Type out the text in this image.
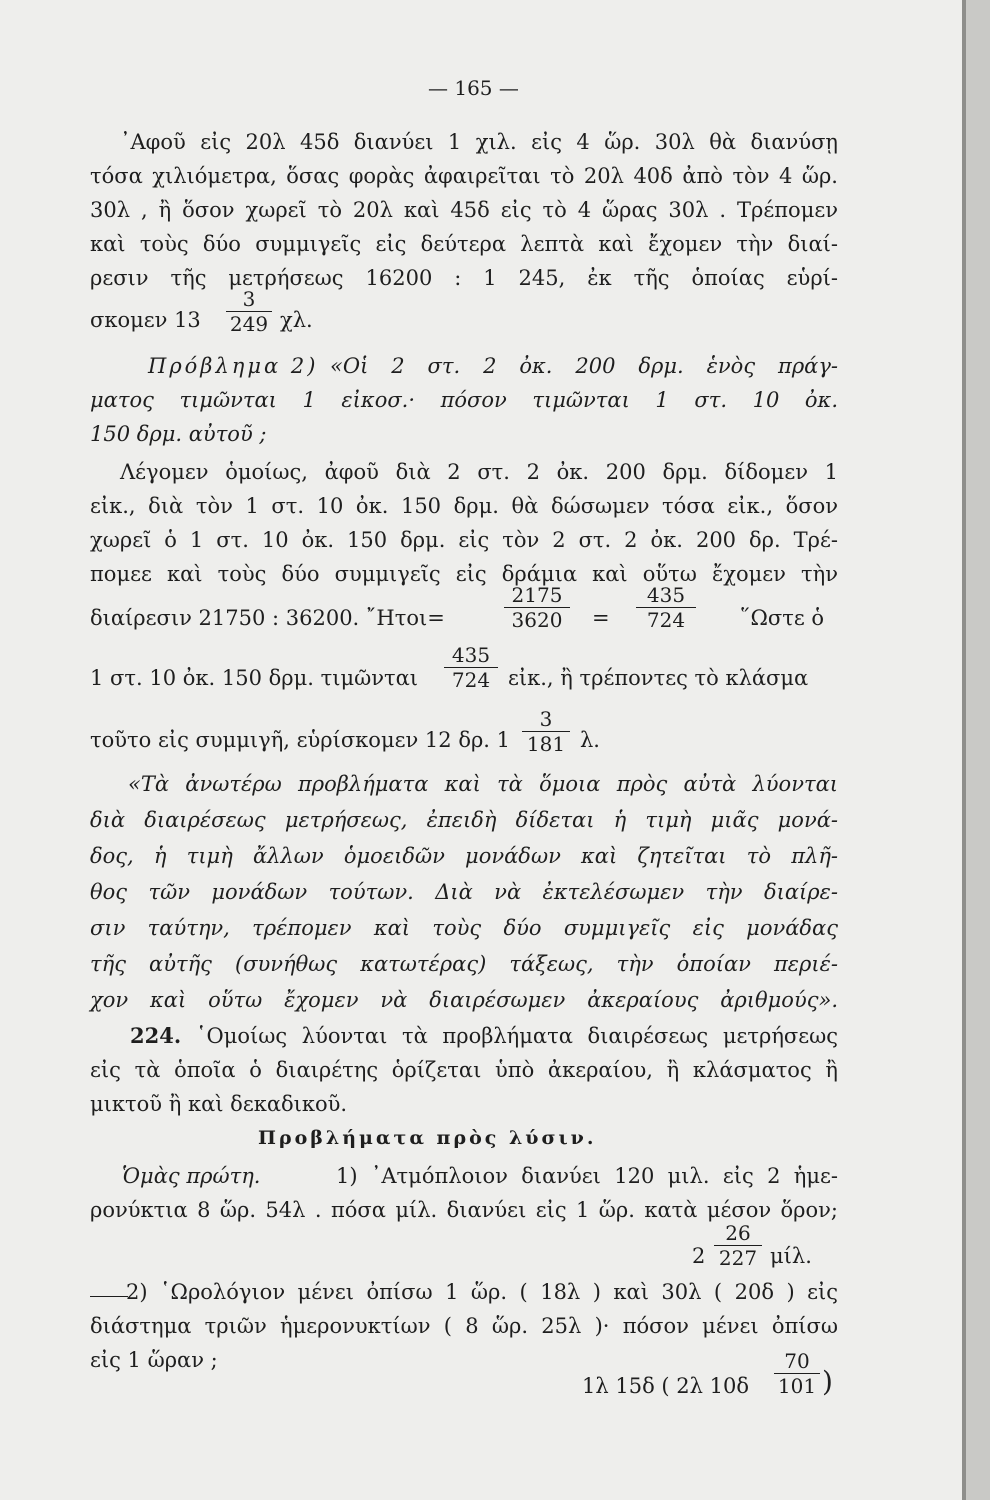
— 165 —
᾿Αφοῦ εἰς 20λ 45δ διανύει 1 χιλ. εἰς 4 ὥρ. 30λ θὰ διανύσῃ
τόσα χιλιόμετρα, ὅσας φορὰς ἀφαιρεῖται τὸ 20λ 40δ ἀπὸ τὸν 4 ὥρ.
30λ , ἢ ὅσον χωρεῖ τὸ 20λ καὶ 45δ εἰς τὸ 4 ὥρας 30λ . Τρέπομεν
καὶ τοὺς δύο συμμιγεῖς εἰς δεύτερα λεπτὰ καὶ ἔχομεν τὴν διαί-
ρεσιν τῆς μετρήσεως 16200 : 1 245, ἐκ τῆς ὁποίας εὑρί-
σκομεν 13
3
249 χλ.
Πρόβλημα 2) «Οἱ 2 στ. 2 ὀκ. 200 δρμ. ἑνὸς πράγ-
ματος τιμῶνται 1 εἰκοσ.· πόσον τιμῶνται 1 στ. 10 ὀκ.
150 δρμ. αὐτοῦ ;
Λέγομεν ὁμοίως, ἀφοῦ διὰ 2 στ. 2 ὀκ. 200 δρμ. δίδομεν 1
εἰκ., διὰ τὸν 1 στ. 10 ὀκ. 150 δρμ. θὰ δώσωμεν τόσα εἰκ., ὅσον
χωρεῖ ὁ 1 στ. 10 ὀκ. 150 δρμ. εἰς τὸν 2 στ. 2 ὀκ. 200 δρ. Τρέ-
πομεε καὶ τοὺς δύο συμμιγεῖς εἰς δράμια καὶ οὕτω ἔχομεν τὴν
διαίρεσιν 21750 : 36200. ῎Ητοι=
2175
3620	=
435
724	῞Ωστε ὁ
1 στ. 10 ὀκ. 150 δρμ. τιμῶνται
435
724 εἰκ., ἢ τρέποντες τὸ κλάσμα
τοῦτο εἰς συμμιγῆ, εὑρίσκομεν 12 δρ. 1
3
181 λ.
«Τὰ ἀνωτέρω προβλήματα καὶ τὰ ὅμοια πρὸς αὐτὰ λύονται
διὰ διαιρέσεως μετρήσεως, ἐπειδὴ δίδεται ἡ τιμὴ μιᾶς μονά-
δος, ἡ τιμὴ ἄλλων ὁμοειδῶν μονάδων καὶ ζητεῖται τὸ πλῆ-
θος τῶν μονάδων τούτων. Διὰ νὰ ἐκτελέσωμεν τὴν διαίρε-
σιν ταύτην, τρέπομεν καὶ τοὺς δύο συμμιγεῖς εἰς μονάδας
τῆς αὐτῆς (συνήθως κατωτέρας) τάξεως, τὴν ὁποίαν περιέ-
χον καὶ οὕτω ἔχομεν νὰ διαιρέσωμεν ἀκεραίους ἀριθμούς».
224. ῾Ομοίως λύονται τὰ προβλήματα διαιρέσεως μετρήσεως
εἰς τὰ ὁποῖα ὁ διαιρέτης ὁρίζεται ὑπὸ ἀκεραίου, ἢ κλάσματος ἢ
μικτοῦ ἢ καὶ δεκαδικοῦ.
Προβλήματα πρὸς λύσιν.
Ὁμὰς πρώτη.	1) ᾿Ατμόπλοιον διανύει 120 μιλ. εἰς 2 ἡμε-
ρονύκτια 8 ὥρ. 54λ . πόσα μίλ. διανύει εἰς 1 ὥρ. κατὰ μέσον ὅρον;
2
26
227 μίλ.
2) ῾Ωρολόγιον μένει ὀπίσω 1 ὥρ. ( 18λ ) καὶ 30λ ( 20δ ) εἰς
διάστημα τριῶν ἡμερονυκτίων ( 8 ὥρ. 25λ )· πόσον μένει ὀπίσω
εἰς 1 ὥραν ;
1λ 15δ ( 2λ 10δ
70
101 )
